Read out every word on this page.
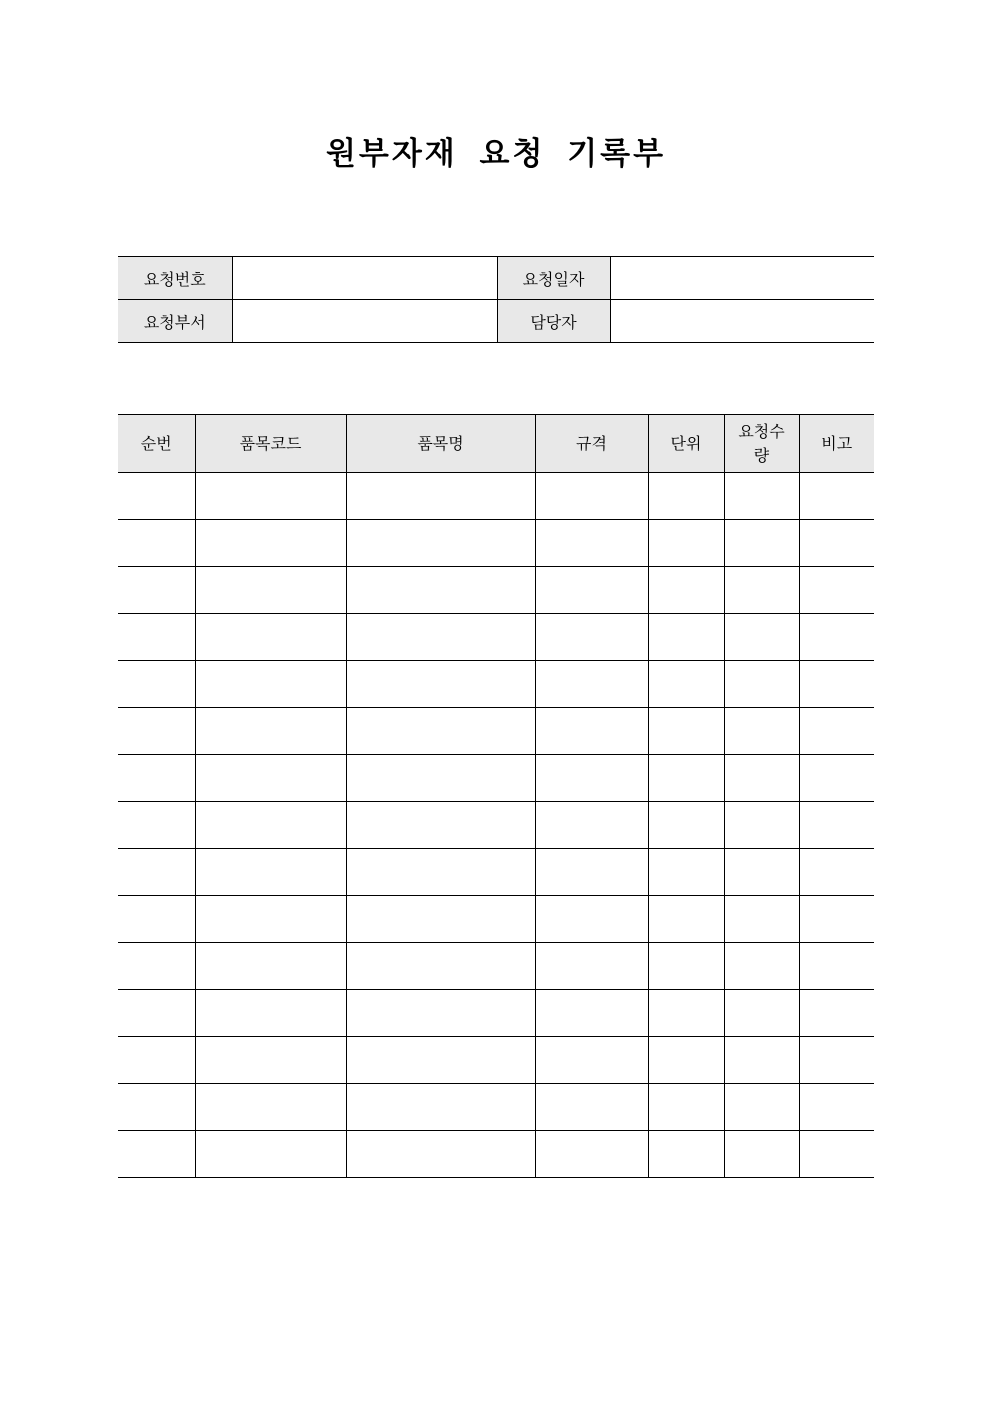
원부자재 요청 기록부
요청번호		요청일자	
요청부서		담당자	
순번	품목코드	품목명	규격	단위	요청수량	비고
